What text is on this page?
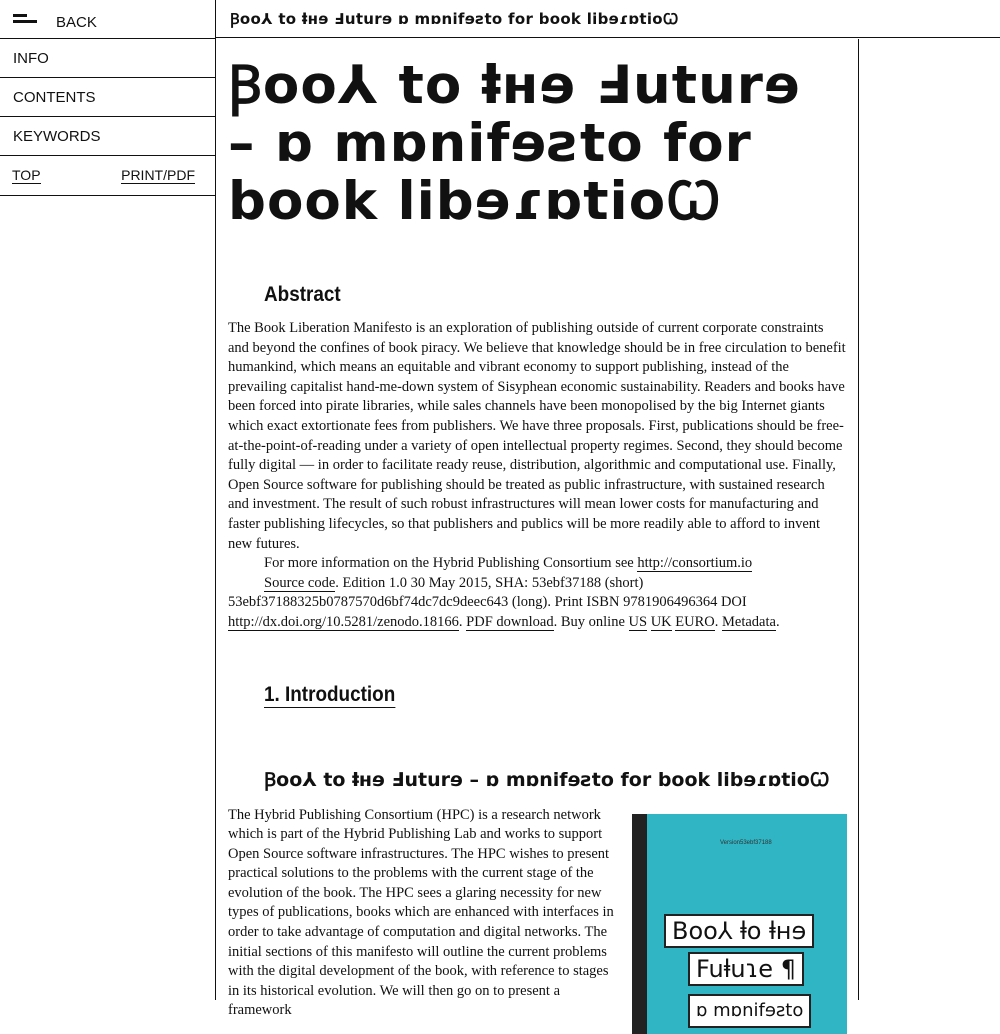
BACK
INFO
CONTENTS
KEYWORDS
TOP	PRINT/PDF
Ꞵoo⅄ to ⱡнɘ Ⅎuturɘ ɒ mɒnifɘƨto for book libɘɾɒtioꞶ
Ꞵoo⅄ to ⱡнɘ Ⅎuturɘ – ɒ mɒnifɘƨto for book libɘɾɒtioꞶ
Abstract

The Book Liberation Manifesto is an exploration of publishing outside of current corporate constraints and beyond the confines of book piracy. We believe that knowledge should be in free circulation to benefit humankind, which means an equitable and vibrant economy to support publishing, instead of the prevailing capitalist hand-me-down system of Sisyphean economic sustainability. Readers and books have been forced into pirate libraries, while sales channels have been monopolised by the big Internet giants which exact extortionate fees from publishers. We have three proposals. First, publications should be free-at-the-point-of-reading under a variety of open intellectual property regimes. Second, they should become fully digital — in order to facilitate ready reuse, distribution, algorithmic and computational use. Finally, Open Source software for publishing should be treated as public infrastructure, with sustained research and investment. The result of such robust infrastructures will mean lower costs for manufacturing and faster publishing lifecycles, so that publishers and publics will be more readily able to afford to invent new futures.

For more information on the Hybrid Publishing Consortium see http://consortium.io

Source code. Edition 1.0 30 May 2015, SHA: 53ebf37188 (short) 53ebf37188325b0787570d6bf74dc7dc9deec643 (long). Print ISBN 9781906496364 DOI http://dx.doi.org/10.5281/zenodo.18166. PDF download. Buy online US UK EURO. Metadata.

1. Introduction
Ꞵoo⅄ to ⱡнɘ Ⅎuturɘ – ɒ mɒnifɘƨto for book libɘɾɒtioꞶ

The Hybrid Publishing Consortium (HPC) is a research network which is part of the Hybrid Publishing Lab and works to support Open Source software infrastructures. The HPC wishes to present practical solutions to the problems with the current stage of the evolution of the book. The HPC sees a glaring necessity for new types of publications, books which are enhanced with interfaces in order to take advantage of computation and digital networks. The initial sections of this manifesto will outline the current problems with the digital development of the book, with reference to stages in its historical evolution. We will then go on to present a framework

Version53ebf37188
Boo⅄ ⱡo ⱡнɘ
Fuⱡuɿe ¶
ɒ mɒnifɘƨto
